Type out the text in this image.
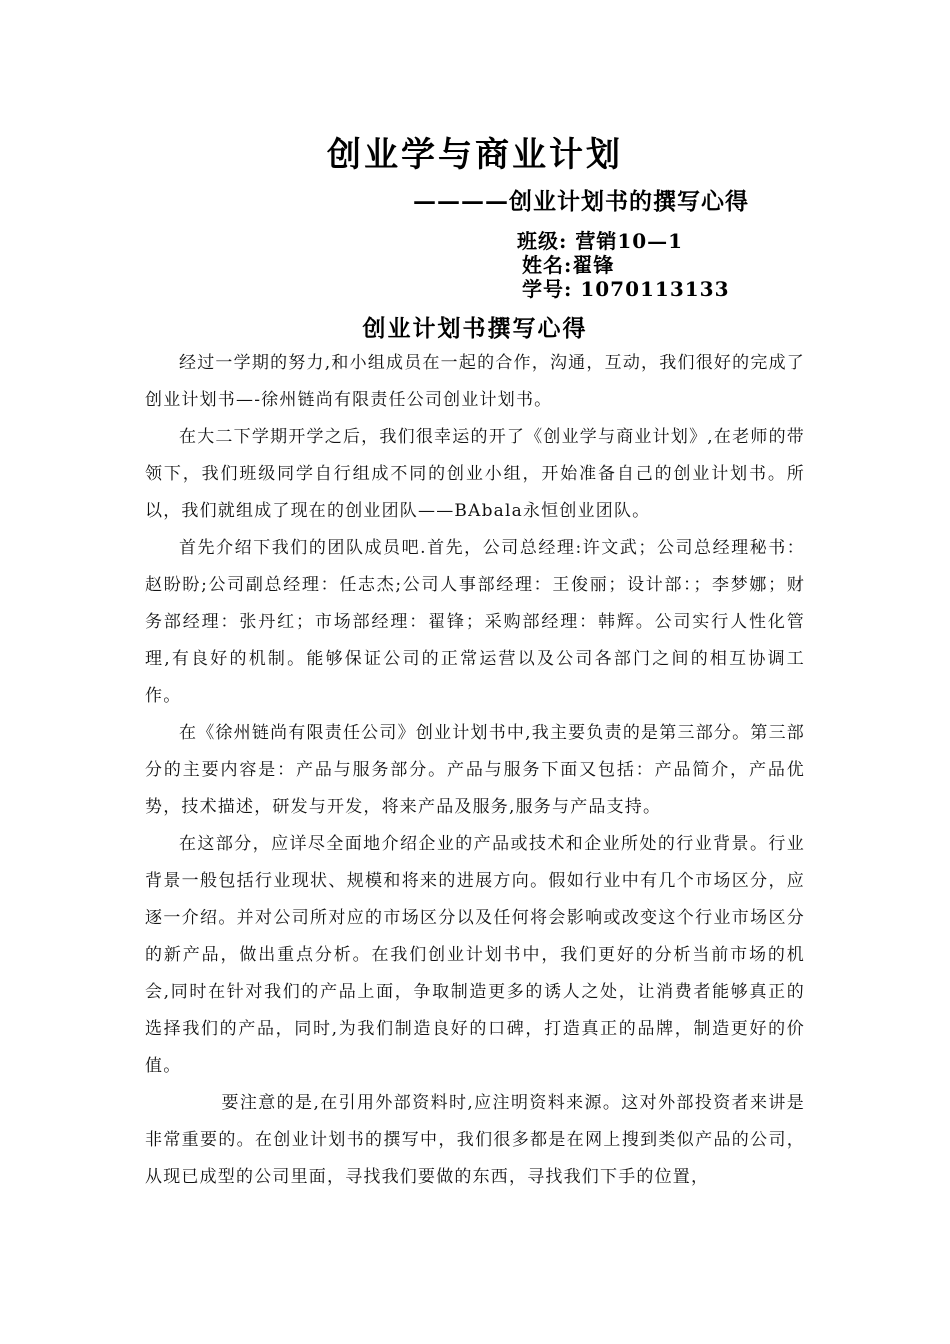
创业学与商业计划
————创业计划书的撰写心得
班级: 营销10—1
姓名:翟锋
学号: 1070113133
创业计划书撰写心得

经过一学期的努力,和小组成员在一起的合作，沟通，互动，我们很好的完成了创业计划书—-徐州链尚有限责任公司创业计划书。

在大二下学期开学之后，我们很幸运的开了《创业学与商业计划》,在老师的带领下，我们班级同学自行组成不同的创业小组，开始准备自己的创业计划书。所以，我们就组成了现在的创业团队——BAbala永恒创业团队。

首先介绍下我们的团队成员吧.首先，公司总经理:许文武；公司总经理秘书：赵盼盼;公司副总经理：任志杰;公司人事部经理：王俊丽；设计部：；李梦娜；财务部经理：张丹红；市场部经理：翟锋；采购部经理：韩辉。公司实行人性化管理,有良好的机制。能够保证公司的正常运营以及公司各部门之间的相互协调工作。

在《徐州链尚有限责任公司》创业计划书中,我主要负责的是第三部分。第三部分的主要内容是：产品与服务部分。产品与服务下面又包括：产品简介，产品优势，技术描述，研发与开发，将来产品及服务,服务与产品支持。

在这部分，应详尽全面地介绍企业的产品或技术和企业所处的行业背景。行业背景一般包括行业现状、规模和将来的进展方向。假如行业中有几个市场区分，应逐一介绍。并对公司所对应的市场区分以及任何将会影响或改变这个行业市场区分的新产品，做出重点分析。在我们创业计划书中，我们更好的分析当前市场的机会,同时在针对我们的产品上面，争取制造更多的诱人之处，让消费者能够真正的选择我们的产品，同时,为我们制造良好的口碑，打造真正的品牌，制造更好的价值。

要注意的是,在引用外部资料时,应注明资料来源。这对外部投资者来讲是非常重要的。在创业计划书的撰写中，我们很多都是在网上搜到类似产品的公司，从现已成型的公司里面，寻找我们要做的东西，寻找我们下手的位置，
